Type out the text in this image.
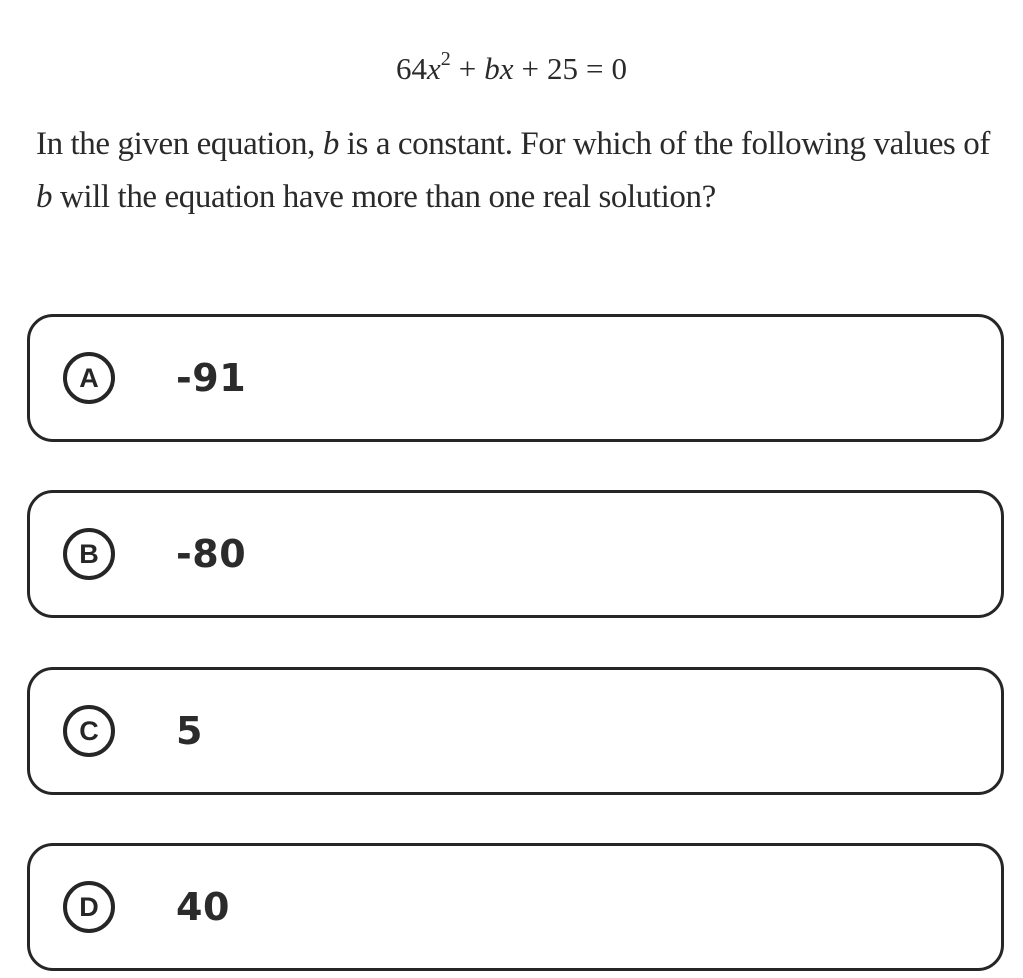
$64x^2$ + bx + 25 = 0
In the given equation, b is a constant. For which of the following values of
b will the equation have more than one real solution?
A	-91
B	-80
C	5
D	40
